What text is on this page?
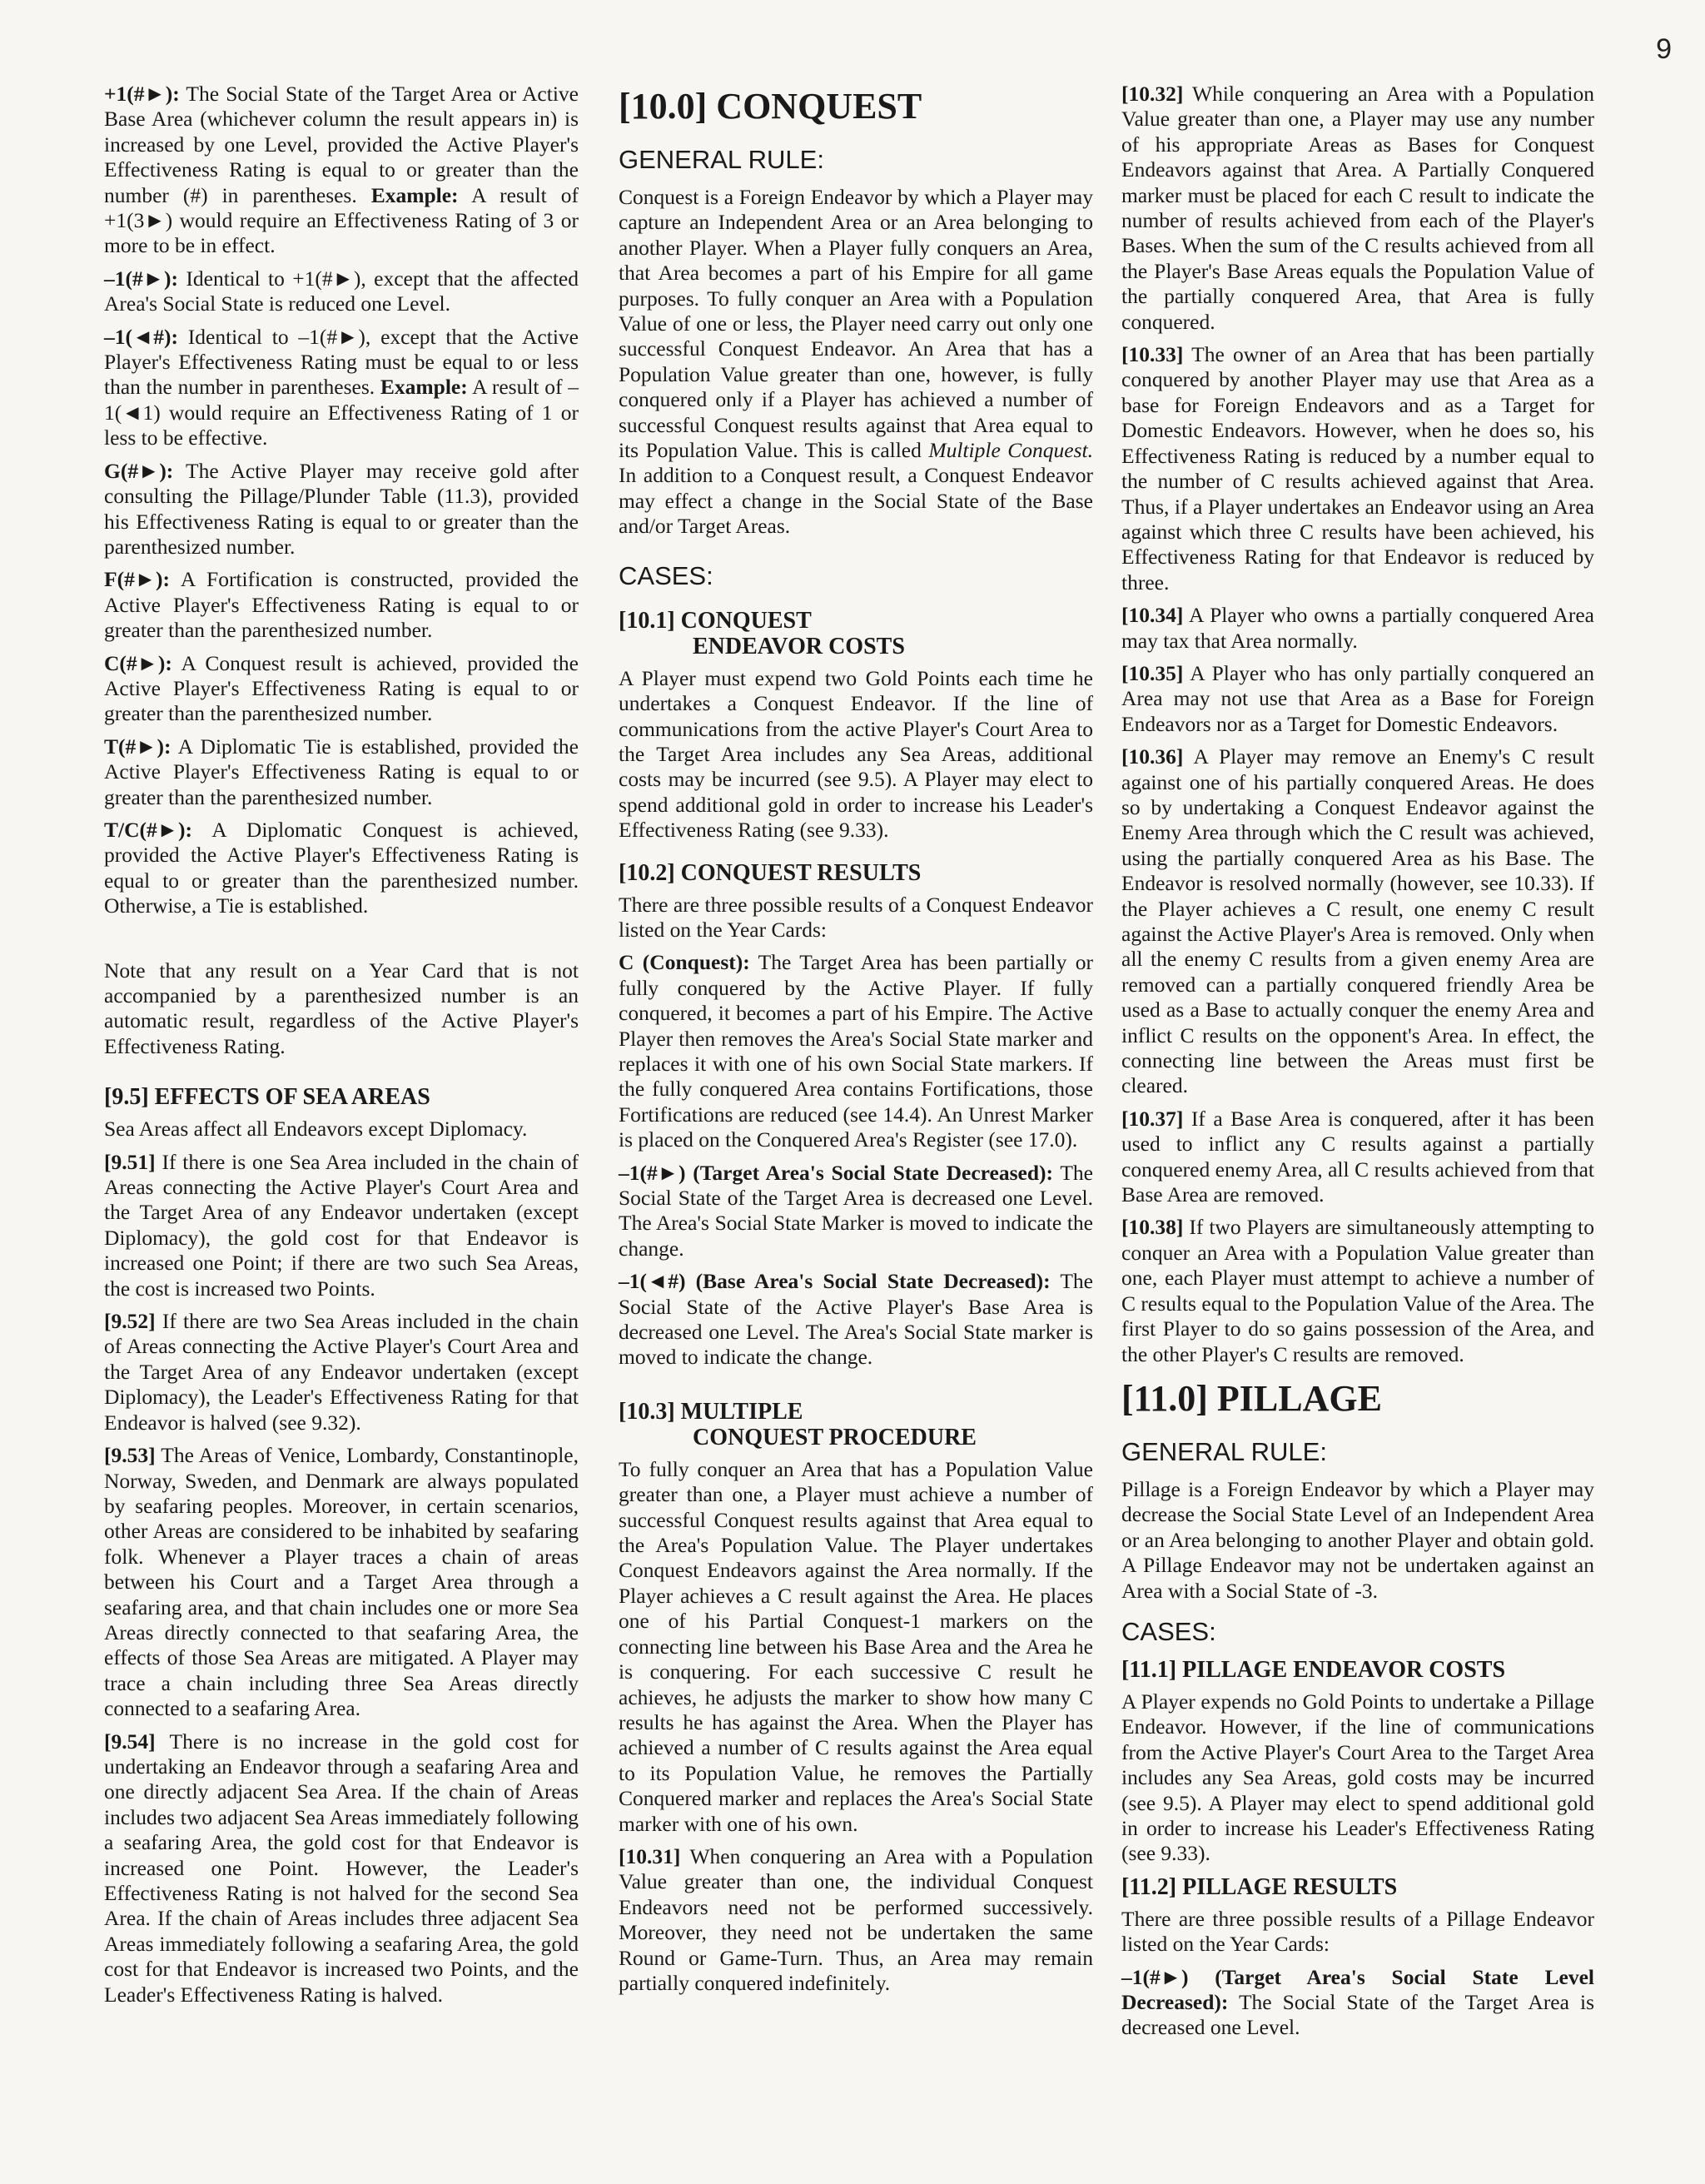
9

+1(#►): The Social State of the Target Area or Active Base Area (whichever column the result appears in) is increased by one Level, provided the Active Player's Effectiveness Rating is equal to or greater than the number (#) in parentheses. Example: A result of +1(3►) would require an Effectiveness Rating of 3 or more to be in effect.

–1(#►): Identical to +1(#►), except that the affected Area's Social State is reduced one Level.

–1(◄#): Identical to –1(#►), except that the Active Player's Effectiveness Rating must be equal to or less than the number in parentheses. Example: A result of –1(◄1) would require an Effectiveness Rating of 1 or less to be effective.

G(#►): The Active Player may receive gold after consulting the Pillage/Plunder Table (11.3), provided his Effectiveness Rating is equal to or greater than the parenthesized number.

F(#►): A Fortification is constructed, provided the Active Player's Effectiveness Rating is equal to or greater than the parenthesized number.

C(#►): A Conquest result is achieved, provided the Active Player's Effectiveness Rating is equal to or greater than the parenthesized number.

T(#►): A Diplomatic Tie is established, provided the Active Player's Effectiveness Rating is equal to or greater than the parenthesized number.

T/C(#►): A Diplomatic Conquest is achieved, provided the Active Player's Effectiveness Rating is equal to or greater than the parenthesized number. Otherwise, a Tie is established.

Note that any result on a Year Card that is not accompanied by a parenthesized number is an automatic result, regardless of the Active Player's Effectiveness Rating.

[9.5] EFFECTS OF SEA AREAS

Sea Areas affect all Endeavors except Diplomacy.

[9.51] If there is one Sea Area included in the chain of Areas connecting the Active Player's Court Area and the Target Area of any Endeavor undertaken (except Diplomacy), the gold cost for that Endeavor is increased one Point; if there are two such Sea Areas, the cost is increased two Points.

[9.52] If there are two Sea Areas included in the chain of Areas connecting the Active Player's Court Area and the Target Area of any Endeavor undertaken (except Diplomacy), the Leader's Effectiveness Rating for that Endeavor is halved (see 9.32).

[9.53] The Areas of Venice, Lombardy, Constantinople, Norway, Sweden, and Denmark are always populated by seafaring peoples. Moreover, in certain scenarios, other Areas are considered to be inhabited by seafaring folk. Whenever a Player traces a chain of areas between his Court and a Target Area through a seafaring area, and that chain includes one or more Sea Areas directly connected to that seafaring Area, the effects of those Sea Areas are mitigated. A Player may trace a chain including three Sea Areas directly connected to a seafaring Area.

[9.54] There is no increase in the gold cost for undertaking an Endeavor through a seafaring Area and one directly adjacent Sea Area. If the chain of Areas includes two adjacent Sea Areas immediately following a seafaring Area, the gold cost for that Endeavor is increased one Point. However, the Leader's Effectiveness Rating is not halved for the second Sea Area. If the chain of Areas includes three adjacent Sea Areas immediately following a seafaring Area, the gold cost for that Endeavor is increased two Points, and the Leader's Effectiveness Rating is halved.

[10.0] CONQUEST
GENERAL RULE:

Conquest is a Foreign Endeavor by which a Player may capture an Independent Area or an Area belonging to another Player. When a Player fully conquers an Area, that Area becomes a part of his Empire for all game purposes. To fully conquer an Area with a Population Value of one or less, the Player need carry out only one successful Conquest Endeavor. An Area that has a Population Value greater than one, however, is fully conquered only if a Player has achieved a number of successful Conquest results against that Area equal to its Population Value. This is called Multiple Conquest. In addition to a Conquest result, a Conquest Endeavor may effect a change in the Social State of the Base and/or Target Areas.

CASES:
[10.1] CONQUEST
ENDEAVOR COSTS

A Player must expend two Gold Points each time he undertakes a Conquest Endeavor. If the line of communications from the active Player's Court Area to the Target Area includes any Sea Areas, additional costs may be incurred (see 9.5). A Player may elect to spend additional gold in order to increase his Leader's Effectiveness Rating (see 9.33).

[10.2] CONQUEST RESULTS

There are three possible results of a Conquest Endeavor listed on the Year Cards:

C (Conquest): The Target Area has been partially or fully conquered by the Active Player. If fully conquered, it becomes a part of his Empire. The Active Player then removes the Area's Social State marker and replaces it with one of his own Social State markers. If the fully conquered Area contains Fortifications, those Fortifications are reduced (see 14.4). An Unrest Marker is placed on the Conquered Area's Register (see 17.0).

–1(#►) (Target Area's Social State Decreased): The Social State of the Target Area is decreased one Level. The Area's Social State Marker is moved to indicate the change.

–1(◄#) (Base Area's Social State Decreased): The Social State of the Active Player's Base Area is decreased one Level. The Area's Social State marker is moved to indicate the change.

[10.3] MULTIPLE
CONQUEST PROCEDURE

To fully conquer an Area that has a Population Value greater than one, a Player must achieve a number of successful Conquest results against that Area equal to the Area's Population Value. The Player undertakes Conquest Endeavors against the Area normally. If the Player achieves a C result against the Area. He places one of his Partial Conquest-1 markers on the connecting line between his Base Area and the Area he is conquering. For each successive C result he achieves, he adjusts the marker to show how many C results he has against the Area. When the Player has achieved a number of C results against the Area equal to its Population Value, he removes the Partially Conquered marker and replaces the Area's Social State marker with one of his own.

[10.31] When conquering an Area with a Population Value greater than one, the individual Conquest Endeavors need not be performed successively. Moreover, they need not be undertaken the same Round or Game-Turn. Thus, an Area may remain partially conquered indefinitely.

[10.32] While conquering an Area with a Population Value greater than one, a Player may use any number of his appropriate Areas as Bases for Conquest Endeavors against that Area. A Partially Conquered marker must be placed for each C result to indicate the number of results achieved from each of the Player's Bases. When the sum of the C results achieved from all the Player's Base Areas equals the Population Value of the partially conquered Area, that Area is fully conquered.

[10.33] The owner of an Area that has been partially conquered by another Player may use that Area as a base for Foreign Endeavors and as a Target for Domestic Endeavors. However, when he does so, his Effectiveness Rating is reduced by a number equal to the number of C results achieved against that Area. Thus, if a Player undertakes an Endeavor using an Area against which three C results have been achieved, his Effectiveness Rating for that Endeavor is reduced by three.

[10.34] A Player who owns a partially conquered Area may tax that Area normally.

[10.35] A Player who has only partially conquered an Area may not use that Area as a Base for Foreign Endeavors nor as a Target for Domestic Endeavors.

[10.36] A Player may remove an Enemy's C result against one of his partially conquered Areas. He does so by undertaking a Conquest Endeavor against the Enemy Area through which the C result was achieved, using the partially conquered Area as his Base. The Endeavor is resolved normally (however, see 10.33). If the Player achieves a C result, one enemy C result against the Active Player's Area is removed. Only when all the enemy C results from a given enemy Area are removed can a partially conquered friendly Area be used as a Base to actually conquer the enemy Area and inflict C results on the opponent's Area. In effect, the connecting line between the Areas must first be cleared.

[10.37] If a Base Area is conquered, after it has been used to inflict any C results against a partially conquered enemy Area, all C results achieved from that Base Area are removed.

[10.38] If two Players are simultaneously attempting to conquer an Area with a Population Value greater than one, each Player must attempt to achieve a number of C results equal to the Population Value of the Area. The first Player to do so gains possession of the Area, and the other Player's C results are removed.

[11.0] PILLAGE
GENERAL RULE:

Pillage is a Foreign Endeavor by which a Player may decrease the Social State Level of an Independent Area or an Area belonging to another Player and obtain gold. A Pillage Endeavor may not be undertaken against an Area with a Social State of -3.

CASES:
[11.1] PILLAGE ENDEAVOR COSTS

A Player expends no Gold Points to undertake a Pillage Endeavor. However, if the line of communications from the Active Player's Court Area to the Target Area includes any Sea Areas, gold costs may be incurred (see 9.5). A Player may elect to spend additional gold in order to increase his Leader's Effectiveness Rating (see 9.33).

[11.2] PILLAGE RESULTS

There are three possible results of a Pillage Endeavor listed on the Year Cards:

–1(#►) (Target Area's Social State Level Decreased): The Social State of the Target Area is decreased one Level.
